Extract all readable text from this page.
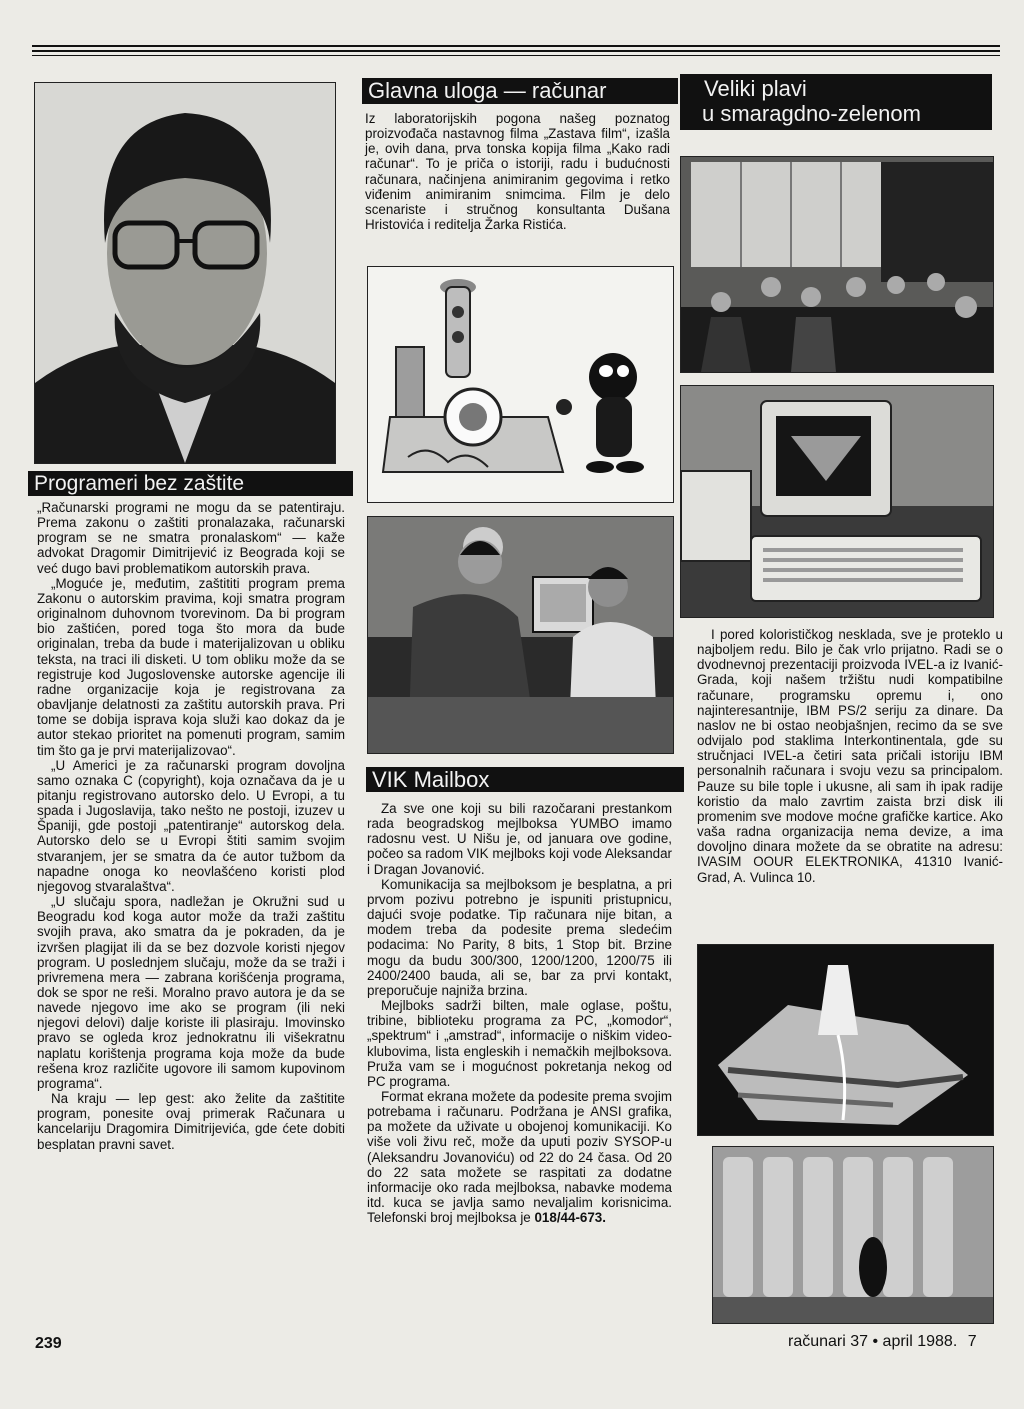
Programeri bez zaštite

„Računarski programi ne mogu da se patentiraju. Prema zakonu o zaštiti pronalazaka, računarski program se ne smatra pronalaskom“ — kaže advokat Dragomir Dimitrijević iz Beograda koji se već dugo bavi problematikom autorskih prava.

„Moguće je, međutim, zaštititi program prema Zakonu o autorskim pravima, koji smatra program originalnom duhovnom tvorevinom. Da bi program bio zaštićen, pored toga što mora da bude originalan, treba da bude i materijalizovan u obliku teksta, na traci ili disketi. U tom obliku može da se registruje kod Jugoslovenske autorske agencije ili radne organizacije koja je registrovana za obavljanje delatnosti za zaštitu autorskih prava. Pri tome se dobija isprava koja služi kao dokaz da je autor stekao prioritet na pomenuti program, samim tim što ga je prvi materijalizovao“.

„U Americi je za računarski program dovoljna samo oznaka C (copyright), koja označava da je u pitanju registrovano autorsko delo. U Evropi, a tu spada i Jugoslavija, tako nešto ne postoji, izuzev u Španiji, gde postoji „patentiranje“ autorskog dela. Autorsko delo se u Evropi štiti samim svojim stvaranjem, jer se smatra da će autor tužbom da napadne onoga ko neovlašćeno koristi plod njegovog stvaralaštva“.

„U slučaju spora, nadležan je Okružni sud u Beogradu kod koga autor može da traži zaštitu svojih prava, ako smatra da je pokraden, da je izvršen plagijat ili da se bez dozvole koristi njegov program. U poslednjem slučaju, može da se traži i privremena mera — zabrana korišćenja programa, dok se spor ne reši. Moralno pravo autora je da se navede njegovo ime ako se program (ili neki njegovi delovi) dalje koriste ili plasiraju. Imovinsko pravo se ogleda kroz jednokratnu ili višekratnu naplatu korištenja programa koja može da bude rešena kroz različite ugovore ili samom kupovinom programa“.

Na kraju — lep gest: ako želite da zaštitite program, ponesite ovaj primerak Računara u kancelariju Dragomira Dimitrijevića, gde ćete dobiti besplatan pravni savet.

Glavna uloga — računar

Iz laboratorijskih pogona našeg poznatog proizvođača nastavnog filma „Zastava film“, izašla je, ovih dana, prva tonska kopija filma „Kako radi računar“. To je priča o istoriji, radu i budućnosti računara, načinjena animiranim gegovima i retko viđenim animiranim snimcima. Film je delo scenariste i stručnog konsultanta Dušana Hristovića i reditelja Žarka Ristića.

VIK Mailbox

Za sve one koji su bili razočarani prestankom rada beogradskog mejlboksa YUMBO imamo radosnu vest. U Nišu je, od januara ove godine, počeo sa radom VIK mejlboks koji vode Aleksandar i Dragan Jovanović.

Komunikacija sa mejlboksom je besplatna, a pri prvom pozivu potrebno je ispuniti pristupnicu, dajući svoje podatke. Tip računara nije bitan, a modem treba da podesite prema sledećim podacima: No Parity, 8 bits, 1 Stop bit. Brzine mogu da budu 300/300, 1200/1200, 1200/75 ili 2400/2400 bauda, ali se, bar za prvi kontakt, preporučuje najniža brzina.

Mejlboks sadrži bilten, male oglase, poštu, tribine, biblioteku programa za PC, „komodor“, „spektrum“ i „amstrad“, informacije o niškim video-klubovima, lista engleskih i nemačkih mejlboksova. Pruža vam se i mogućnost pokretanja nekog od PC programa.

Format ekrana možete da podesite prema svojim potrebama i računaru. Podržana je ANSI grafika, pa možete da uživate u obojenoj komunikaciji. Ko više voli živu reč, može da uputi poziv SYSOP-u (Aleksandru Jovanoviću) od 22 do 24 časa. Od 20 do 22 sata možete se raspitati za dodatne informacije oko rada mejlboksa, nabavke modema itd. kuca se javlja samo nevaljalim korisnicima. Telefonski broj mejlboksa je 018/44-673.

Veliki plavi
u smaragdno-zelenom

I pored kolorističkog nesklada, sve je proteklo u najboljem redu. Bilo je čak vrlo prijatno. Radi se o dvodnevnoj prezentaciji proizvoda IVEL-a iz Ivanić-Grada, koji našem tržištu nudi kompatibilne računare, programsku opremu i, ono najinteresantnije, IBM PS/2 seriju za dinare. Da naslov ne bi ostao neobjašnjen, recimo da se sve odvijalo pod staklima Interkontinentala, gde su stručnjaci IVEL-a četiri sata pričali istoriju IBM personalnih računara i svoju vezu sa principalom. Pauze su bile tople i ukusne, ali sam ih ipak radije koristio da malo zavrtim zaista brzi disk ili promenim sve modove moćne grafičke kartice. Ako vaša radna organizacija nema devize, a ima dovoljno dinara možete da se obratite na adresu: IVASIM OOUR ELEKTRONIKA, 41310 Ivanić-Grad, A. Vulinca 10.

239	računari 37 • april 1988. 7
